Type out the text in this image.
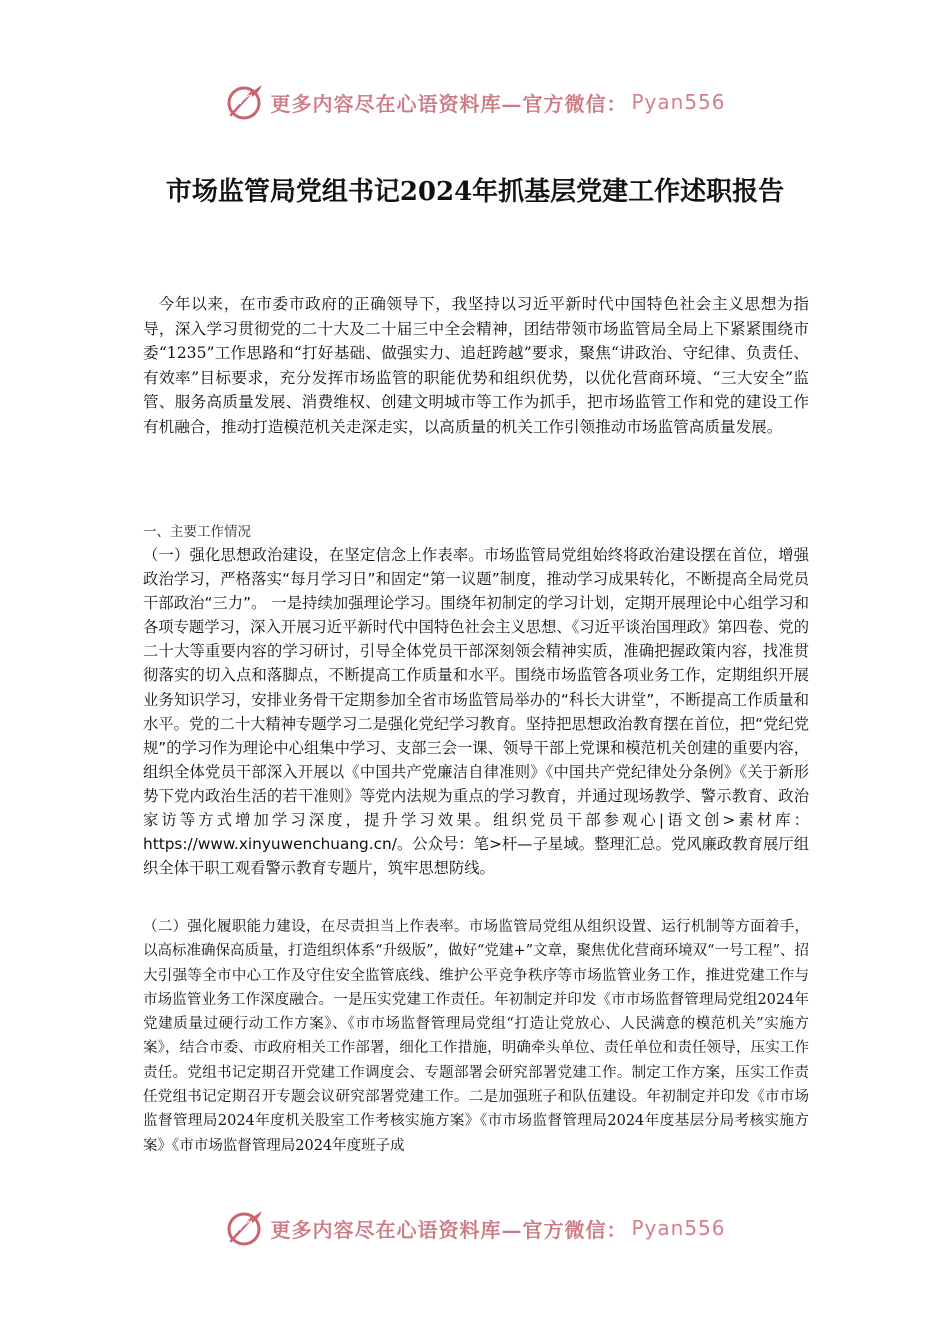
更多内容尽在心语资料库—官方微信： Pyan556
市场监管局党组书记2024年抓基层党建工作述职报告

今年以来，在市委市政府的正确领导下，我坚持以习近平新时代中国特色社会主义思想为指导，深入学习贯彻党的二十大及二十届三中全会精神，团结带领市场监管局全局上下紧紧围绕市委“1235”工作思路和“打好基础、做强实力、追赶跨越”要求，聚焦“讲政治、守纪律、负责任、有效率”目标要求，充分发挥市场监管的职能优势和组织优势，以优化营商环境、“三大安全”监管、服务高质量发展、消费维权、创建文明城市等工作为抓手，把市场监管工作和党的建设工作有机融合，推动打造模范机关走深走实，以高质量的机关工作引领推动市场监管高质量发展。

一、主要工作情况

（一）强化思想政治建设，在坚定信念上作表率。市场监管局党组始终将政治建设摆在首位，增强政治学习，严格落实“每月学习日”和固定“第一议题”制度，推动学习成果转化，不断提高全局党员干部政治“三力”。 一是持续加强理论学习。围绕年初制定的学习计划，定期开展理论中心组学习和各项专题学习，深入开展习近平新时代中国特色社会主义思想、《习近平谈治国理政》第四卷、党的二十大等重要内容的学习研讨，引导全体党员干部深刻领会精神实质，准确把握政策内容，找准贯彻落实的切入点和落脚点，不断提高工作质量和水平。围绕市场监管各项业务工作，定期组织开展业务知识学习，安排业务骨干定期参加全省市场监管局举办的“科长大讲堂”，不断提高工作质量和水平。党的二十大精神专题学习二是强化党纪学习教育。坚持把思想政治教育摆在首位，把“党纪党规”的学习作为理论中心组集中学习、支部三会一课、领导干部上党课和模范机关创建的重要内容，组织全体党员干部深入开展以《中国共产党廉洁自律准则》《中国共产党纪律处分条例》《关于新形势下党内政治生活的若干准则》等党内法规为重点的学习教育，并通过现场教学、警示教育、政治家访等方式增加学习深度，提升学习效果。组织党员干部参观心|语文创>素材库：https://www.xinyuwenchuang.cn/。公众号：笔>杆—子星域。整理汇总。党风廉政教育展厅组织全体干职工观看警示教育专题片，筑牢思想防线。

（二）强化履职能力建设，在尽责担当上作表率。市场监管局党组从组织设置、运行机制等方面着手，以高标准确保高质量，打造组织体系“升级版”，做好“党建+”文章，聚焦优化营商环境双“一号工程”、招大引强等全市中心工作及守住安全监管底线、维护公平竞争秩序等市场监管业务工作，推进党建工作与市场监管业务工作深度融合。一是压实党建工作责任。年初制定并印发《市市场监督管理局党组2024年党建质量过硬行动工作方案》、《市市场监督管理局党组“打造让党放心、人民满意的模范机关”实施方案》，结合市委、市政府相关工作部署，细化工作措施，明确牵头单位、责任单位和责任领导，压实工作责任。党组书记定期召开党建工作调度会、专题部署会研究部署党建工作。制定工作方案，压实工作责任党组书记定期召开专题会议研究部署党建工作。二是加强班子和队伍建设。年初制定并印发《市市场监督管理局2024年度机关股室工作考核实施方案》《市市场监督管理局2024年度基层分局考核实施方案》《市市场监督管理局2024年度班子成

更多内容尽在心语资料库—官方微信： Pyan556
